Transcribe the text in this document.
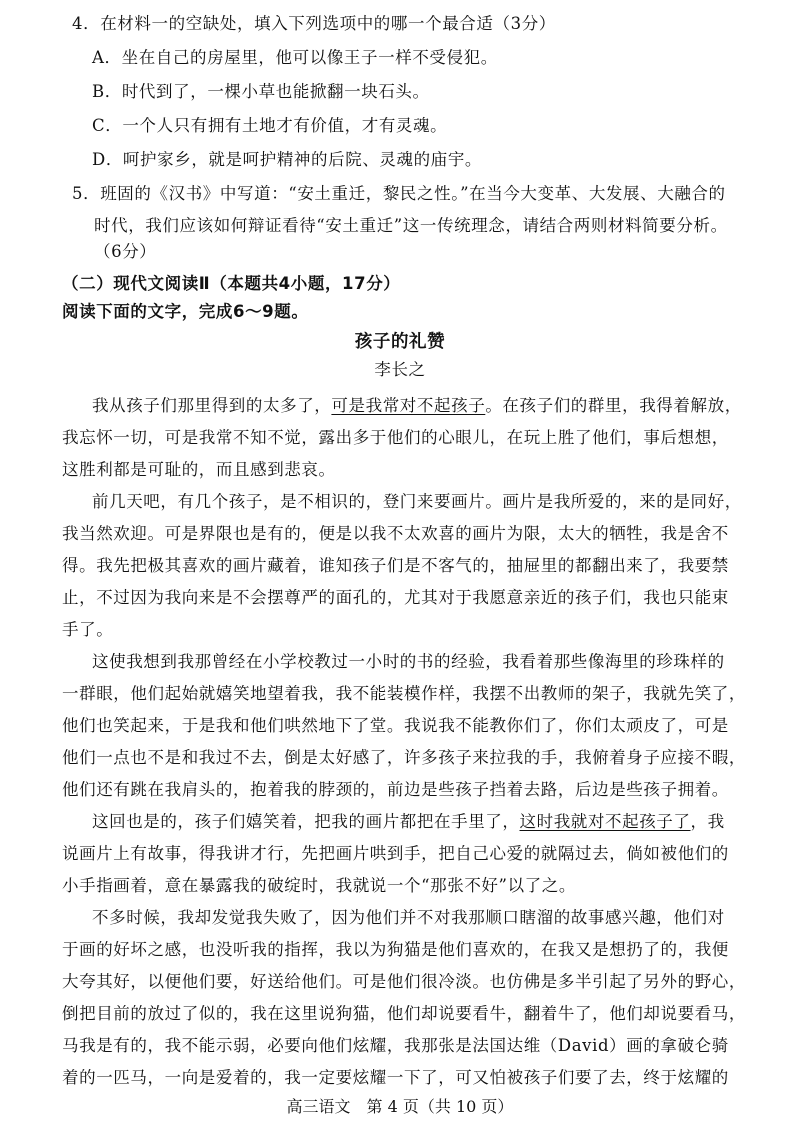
4．在材料一的空缺处，填入下列选项中的哪一个最合适（3分）
A．坐在自己的房屋里，他可以像王子一样不受侵犯。
B．时代到了，一棵小草也能掀翻一块石头。
C．一个人只有拥有土地才有价值，才有灵魂。
D．呵护家乡，就是呵护精神的后院、灵魂的庙宇。
5．班固的《汉书》中写道：“安土重迁，黎民之性。”在当今大变革、大发展、大融合的
时代，我们应该如何辩证看待“安土重迁”这一传统理念，请结合两则材料简要分析。
（6分）
（二）现代文阅读Ⅱ（本题共4小题，17分）
阅读下面的文字，完成6～9题。
孩子的礼赞
李长之
我从孩子们那里得到的太多了，可是我常对不起孩子。在孩子们的群里，我得着解放，
我忘怀一切，可是我常不知不觉，露出多于他们的心眼儿，在玩上胜了他们，事后想想，
这胜利都是可耻的，而且感到悲哀。
前几天吧，有几个孩子，是不相识的，登门来要画片。画片是我所爱的，来的是同好，
我当然欢迎。可是界限也是有的，便是以我不太欢喜的画片为限，太大的牺牲，我是舍不
得。我先把极其喜欢的画片藏着，谁知孩子们是不客气的，抽屉里的都翻出来了，我要禁
止，不过因为我向来是不会摆尊严的面孔的，尤其对于我愿意亲近的孩子们，我也只能束
手了。
这使我想到我那曾经在小学校教过一小时的书的经验，我看着那些像海里的珍珠样的
一群眼，他们起始就嬉笑地望着我，我不能装模作样，我摆不出教师的架子，我就先笑了，
他们也笑起来，于是我和他们哄然地下了堂。我说我不能教你们了，你们太顽皮了，可是
他们一点也不是和我过不去，倒是太好感了，许多孩子来拉我的手，我俯着身子应接不暇，
他们还有跳在我肩头的，抱着我的脖颈的，前边是些孩子挡着去路，后边是些孩子拥着。
这回也是的，孩子们嬉笑着，把我的画片都把在手里了，这时我就对不起孩子了，我
说画片上有故事，得我讲才行，先把画片哄到手，把自己心爱的就隔过去，倘如被他们的
小手指画着，意在暴露我的破绽时，我就说一个“那张不好”以了之。
不多时候，我却发觉我失败了，因为他们并不对我那顺口瞎溜的故事感兴趣，他们对
于画的好坏之感，也没听我的指挥，我以为狗猫是他们喜欢的，在我又是想扔了的，我便
大夸其好，以便他们要，好送给他们。可是他们很冷淡。也仿佛是多半引起了另外的野心，
倒把目前的放过了似的，我在这里说狗猫，他们却说要看牛，翻着牛了，他们却说要看马，
马我是有的，我不能示弱，必要向他们炫耀，我那张是法国达维（David）画的拿破仑骑
着的一匹马，一向是爱着的，我一定要炫耀一下了，可又怕被孩子们要了去，终于炫耀的
高三语文　第 4 页（共 10 页）
